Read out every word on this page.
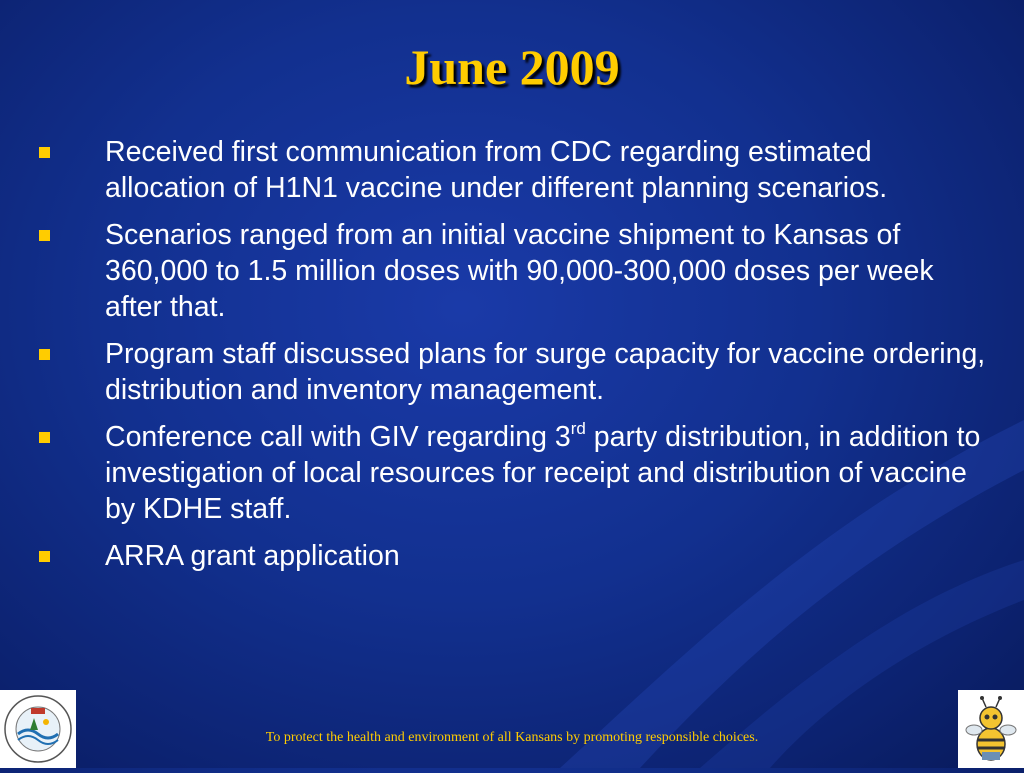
June 2009
Received first communication from CDC regarding estimated allocation of H1N1 vaccine under different planning scenarios.
Scenarios ranged from an initial vaccine shipment to Kansas of 360,000 to 1.5 million doses with 90,000-300,000 doses per week after that.
Program staff discussed plans for surge capacity for vaccine ordering, distribution and inventory management.
Conference call with GIV regarding 3rd party distribution, in addition to investigation of local resources for receipt and distribution of vaccine by KDHE staff.
ARRA grant application
To protect the health and environment of all Kansans by promoting responsible choices.
